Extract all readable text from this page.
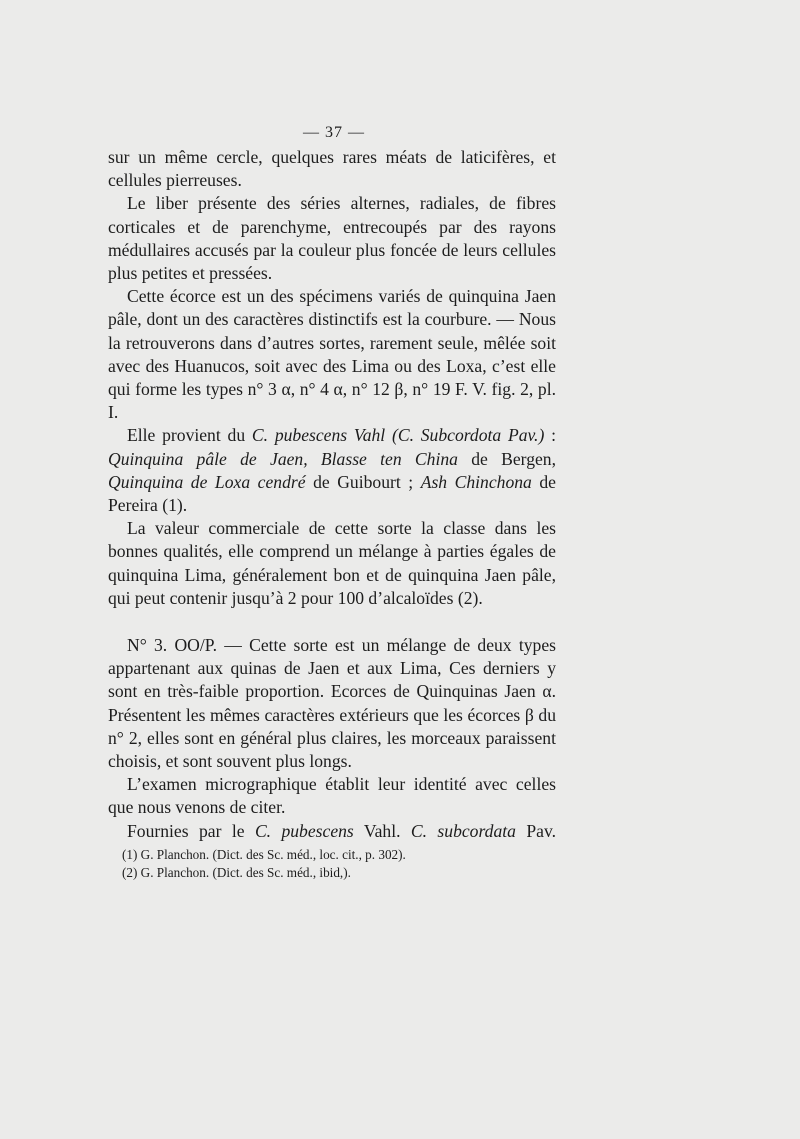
— 37 —

sur un même cercle, quelques rares méats de laticifères, et cellules pierreuses.

Le liber présente des séries alternes, radiales, de fibres corticales et de parenchyme, entrecoupés par des rayons médullaires accusés par la couleur plus foncée de leurs cellules plus petites et pressées.

Cette écorce est un des spécimens variés de quinquina Jaen pâle, dont un des caractères distinctifs est la courbure. — Nous la retrouverons dans d’autres sortes, rarement seule, mêlée soit avec des Huanucos, soit avec des Lima ou des Loxa, c’est elle qui forme les types n° 3 α, n° 4 α, n° 12 β, n° 19 F. V. fig. 2, pl. I.

Elle provient du C. pubescens Vahl (C. Subcordota Pav.) : Quinquina pâle de Jaen, Blasse ten China de Bergen, Quinquina de Loxa cendré de Guibourt ; Ash Chinchona de Pereira (1).

La valeur commerciale de cette sorte la classe dans les bonnes qualités, elle comprend un mélange à parties égales de quinquina Lima, généralement bon et de quinquina Jaen pâle, qui peut contenir jusqu’à 2 pour 100 d’alcaloïdes (2).

N° 3. OO/P. — Cette sorte est un mélange de deux types appartenant aux quinas de Jaen et aux Lima, Ces derniers y sont en très-faible proportion. Ecorces de Quinquinas Jaen α. Présentent les mêmes caractères extérieurs que les écorces β du n° 2, elles sont en général plus claires, les morceaux paraissent choisis, et sont souvent plus longs.

L’examen micrographique établit leur identité avec celles que nous venons de citer.

Fournies par le C. pubescens Vahl. C. subcordata Pav.

(1) G. Planchon. (Dict. des Sc. méd., loc. cit., p. 302).
(2) G. Planchon. (Dict. des Sc. méd., ibid,).
